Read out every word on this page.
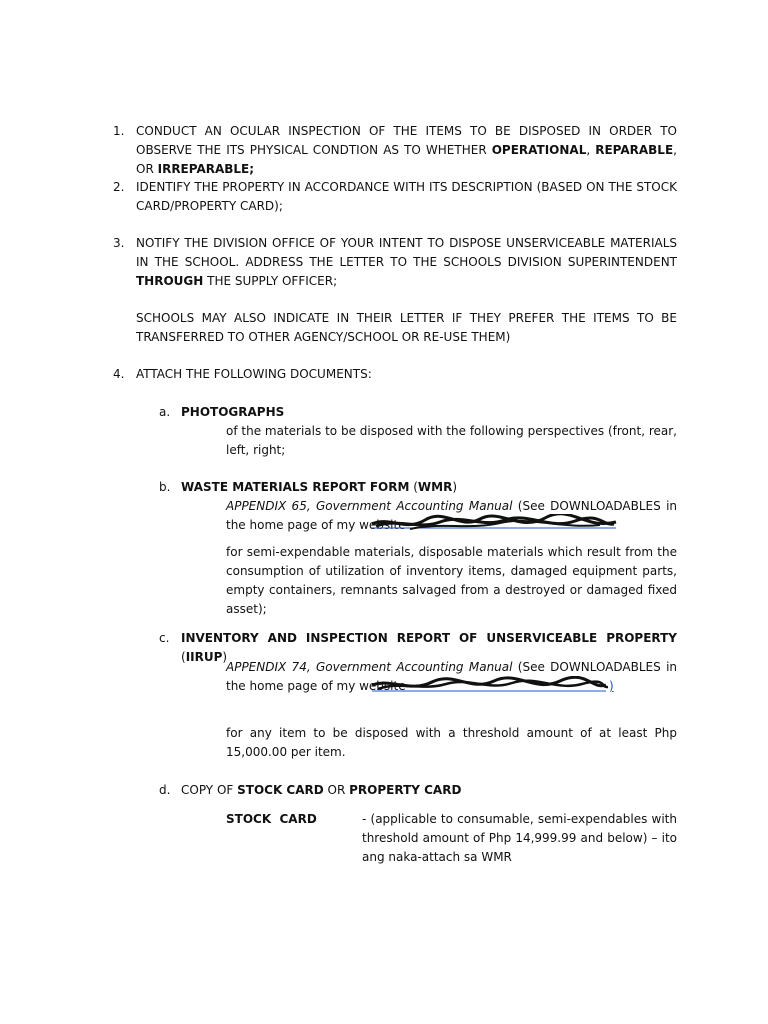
1. CONDUCT AN OCULAR INSPECTION OF THE ITEMS TO BE DISPOSED IN ORDER TO OBSERVE THE ITS PHYSICAL CONDTION AS TO WHETHER OPERATIONAL, REPARABLE, OR IRREPARABLE;
2. IDENTIFY THE PROPERTY IN ACCORDANCE WITH ITS DESCRIPTION (BASED ON THE STOCK CARD/PROPERTY CARD);
3. NOTIFY THE DIVISION OFFICE OF YOUR INTENT TO DISPOSE UNSERVICEABLE MATERIALS IN THE SCHOOL. ADDRESS THE LETTER TO THE SCHOOLS DIVISION SUPERINTENDENT THROUGH THE SUPPLY OFFICER;
SCHOOLS MAY ALSO INDICATE IN THEIR LETTER IF THEY PREFER THE ITEMS TO BE TRANSFERRED TO OTHER AGENCY/SCHOOL OR RE-USE THEM)
4. ATTACH THE FOLLOWING DOCUMENTS:
a. PHOTOGRAPHS
of the materials to be disposed with the following perspectives (front, rear, left, right;
b. WASTE MATERIALS REPORT FORM (WMR)
APPENDIX 65, Government Accounting Manual (See DOWNLOADABLES in the home page of my website
for semi-expendable materials, disposable materials which result from the consumption of utilization of inventory items, damaged equipment parts, empty containers, remnants salvaged from a destroyed or damaged fixed asset);
c. INVENTORY AND INSPECTION REPORT OF UNSERVICEABLE PROPERTY (IIRUP)
APPENDIX 74, Government Accounting Manual (See DOWNLOADABLES in the home page of my website	)
for any item to be disposed with a threshold amount of at least Php 15,000.00 per item.
d. COPY OF STOCK CARD OR PROPERTY CARD
STOCK  CARD	- (applicable to consumable, semi-expendables with threshold amount of Php 14,999.99 and below) – ito ang naka-attach sa WMR
